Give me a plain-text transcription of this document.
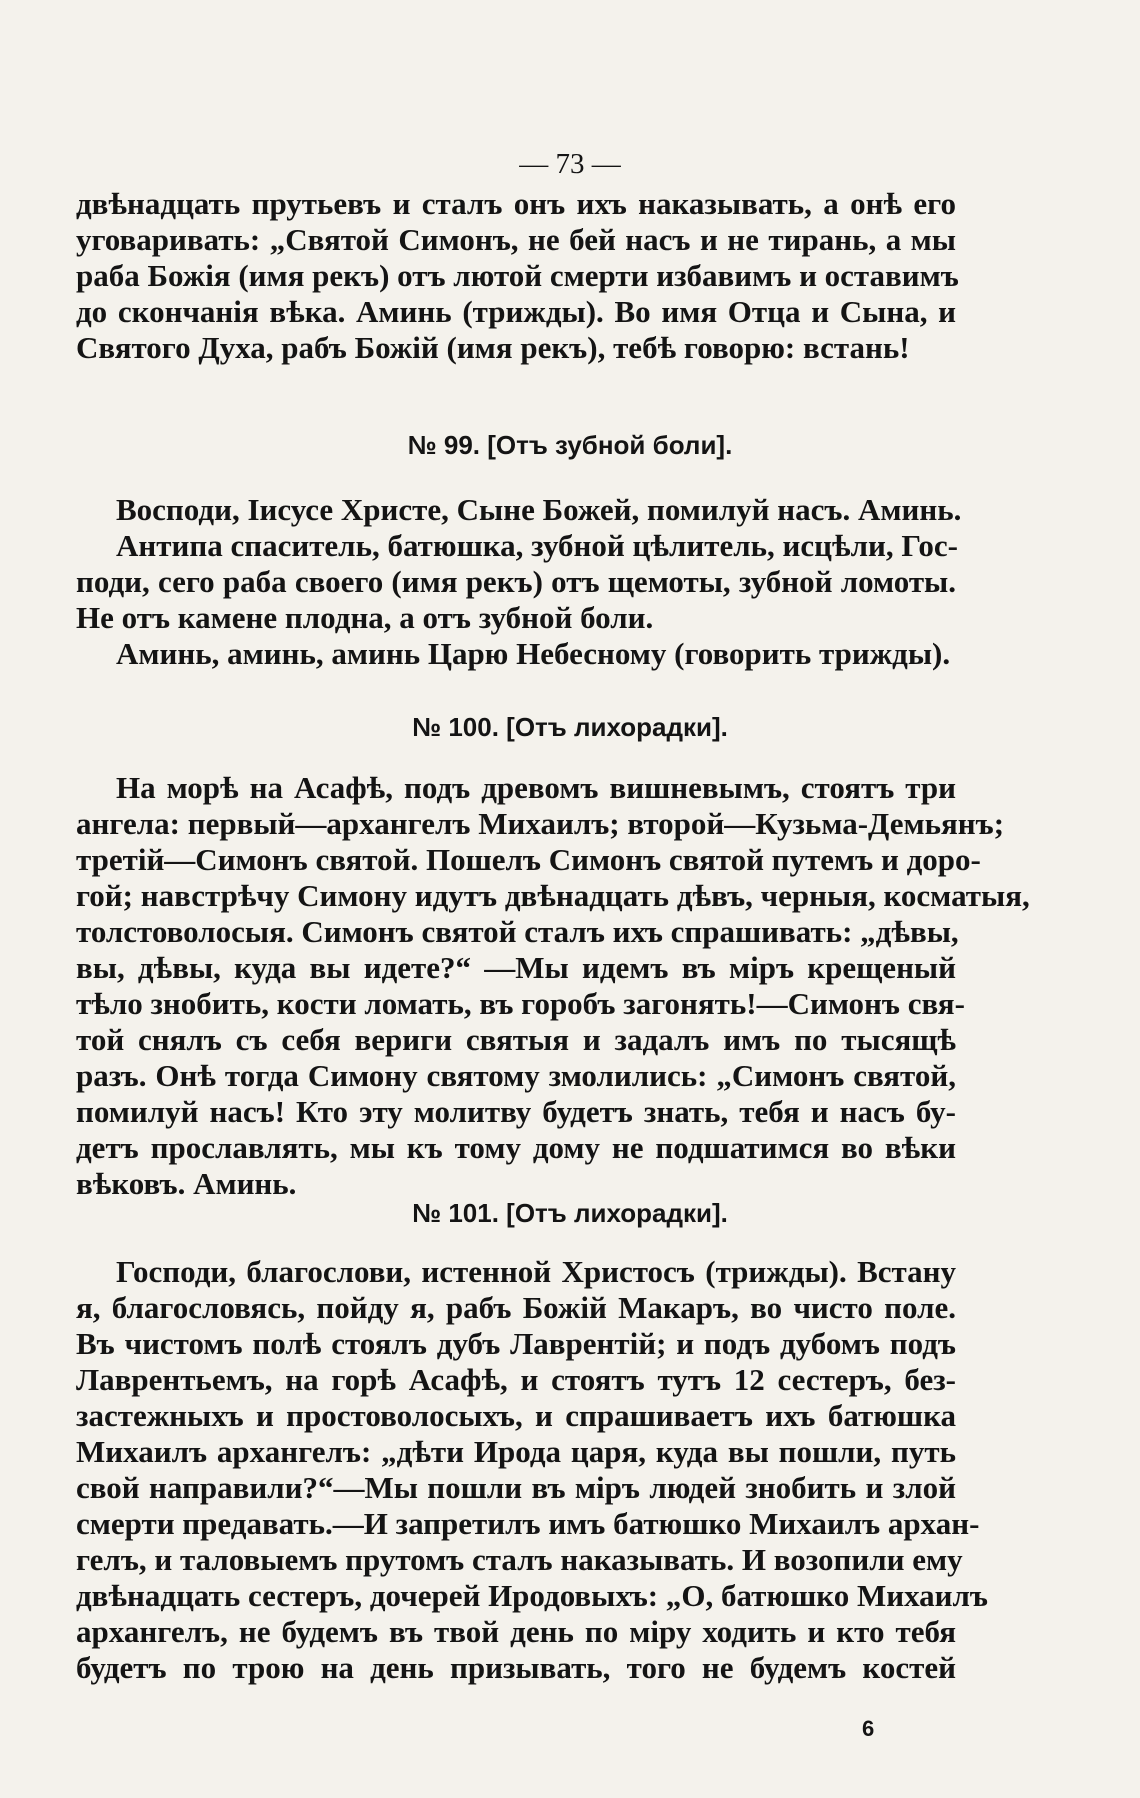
— 73 —
двѣнадцать прутьевъ и сталъ онъ ихъ наказывать, а онѣ его
уговаривать: „Святой Симонъ, не бей насъ и не тирань, а мы
раба Божія (имя рекъ) отъ лютой смерти избавимъ и оставимъ
до скончанія вѣка. Аминь (трижды). Во имя Отца и Сына, и
Святого Духа, рабъ Божій (имя рекъ), тебѣ говорю: встань!
№ 99. [Отъ зубной боли].
Восподи, Іисусе Христе, Сыне Божей, помилуй насъ. Аминь.
Антипа спаситель, батюшка, зубной цѣлитель, исцѣли, Гос-
поди, сего раба своего (имя рекъ) отъ щемоты, зубной ломоты.
Не отъ камене плодна, а отъ зубной боли.
Аминь, аминь, аминь Царю Небесному (говорить трижды).
№ 100. [Отъ лихорадки].
На морѣ на Асафѣ, подъ древомъ вишневымъ, стоятъ три
ангела: первый—архангелъ Михаилъ; второй—Кузьма-Демьянъ;
третій—Симонъ святой. Пошелъ Симонъ святой путемъ и доро-
гой; навстрѣчу Симону идутъ двѣнадцать дѣвъ, черныя, косматыя,
толстоволосыя. Симонъ святой сталъ ихъ спрашивать: „дѣвы,
вы, дѣвы, куда вы идете?“ —Мы идемъ въ міръ крещеный
тѣло знобить, кости ломать, въ горобъ загонять!—Симонъ свя-
той снялъ съ себя вериги святыя и задалъ имъ по тысящѣ
разъ. Онѣ тогда Симону святому змолились: „Симонъ святой,
помилуй насъ! Кто эту молитву будетъ знать, тебя и насъ бу-
детъ прославлять, мы къ тому дому не подшатимся во вѣки
вѣковъ. Аминь.
№ 101. [Отъ лихорадки].
Господи, благослови, истенной Христосъ (трижды). Встану
я, благословясь, пойду я, рабъ Божій Макаръ, во чисто поле.
Въ чистомъ полѣ стоялъ дубъ Лаврентій; и подъ дубомъ подъ
Лаврентьемъ, на горѣ Асафѣ, и стоятъ тутъ 12 сестеръ, без-
застежныхъ и простоволосыхъ, и спрашиваетъ ихъ батюшка
Михаилъ архангелъ: „дѣти Ирода царя, куда вы пошли, путь
свой направили?“—Мы пошли въ міръ людей знобить и злой
смерти предавать.—И запретилъ имъ батюшко Михаилъ архан-
гелъ, и таловыемъ прутомъ сталъ наказывать. И возопили ему
двѣнадцать сестеръ, дочерей Иродовыхъ: „О, батюшко Михаилъ
архангелъ, не будемъ въ твой день по міру ходить и кто тебя
будетъ по трою на день призывать, того не будемъ костей
6
